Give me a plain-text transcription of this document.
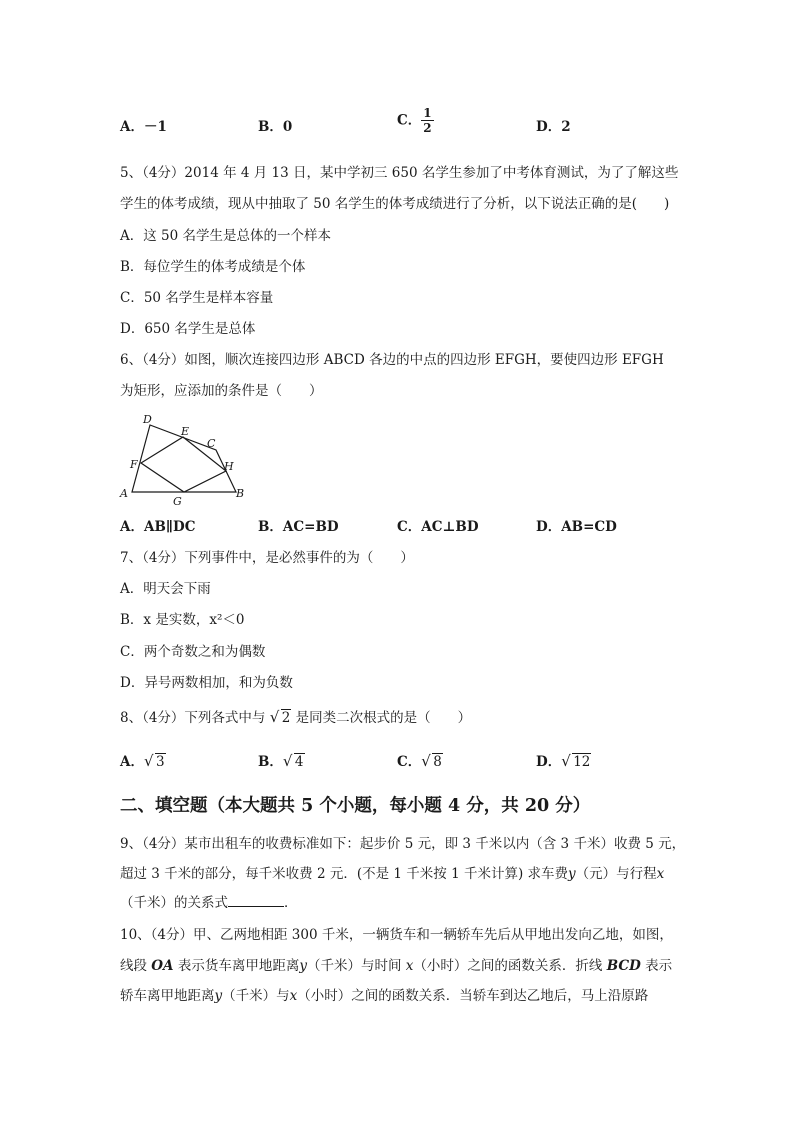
A．－1	B．0	C． $\frac{1}{2}$	D．2
5、（4分）2014 年 4 月 13 日，某中学初三 650 名学生参加了中考体育测试，为了了解这些
学生的体考成绩，现从中抽取了 50 名学生的体考成绩进行了分析，以下说法正确的是(　　)
A．这 50 名学生是总体的一个样本
B．每位学生的体考成绩是个体
C．50 名学生是样本容量
D．650 名学生是总体
6、（4分）如图，顺次连接四边形 ABCD 各边的中点的四边形 EFGH，要使四边形 EFGH
为矩形，应添加的条件是（　　）
D
E
C
F	H
A
G
B
A．AB∥DC	B．AC=BD	C．AC⊥BD	D．AB=CD
7、（4分）下列事件中，是必然事件的为（　　）
A．明天会下雨
B．x 是实数，x²＜0
C．两个奇数之和为偶数
D．异号两数相加，和为负数
8、（4分）下列各式中与 √ 2 是同类二次根式的是（　　）
A． √ 3	B． √ 4	C． √ 8	D． √ 12
二、填空题（本大题共 5 个小题，每小题 4 分，共 20 分）
9、（4分）某市出租车的收费标准如下：起步价 5 元，即 3 千米以内（含 3 千米）收费 5 元，
超过 3 千米的部分，每千米收费 2 元．(不是 1 千米按 1 千米计算) 求车费y（元）与行程x
（千米）的关系式	．
10、（4分）甲、乙两地相距 300 千米，一辆货车和一辆轿车先后从甲地出发向乙地，如图，
线段 OA 表示货车离甲地距离y（千米）与时间 x（小时）之间的函数关系．折线 BCD 表示
轿车离甲地距离y（千米）与x（小时）之间的函数关系．当轿车到达乙地后，马上沿原路
